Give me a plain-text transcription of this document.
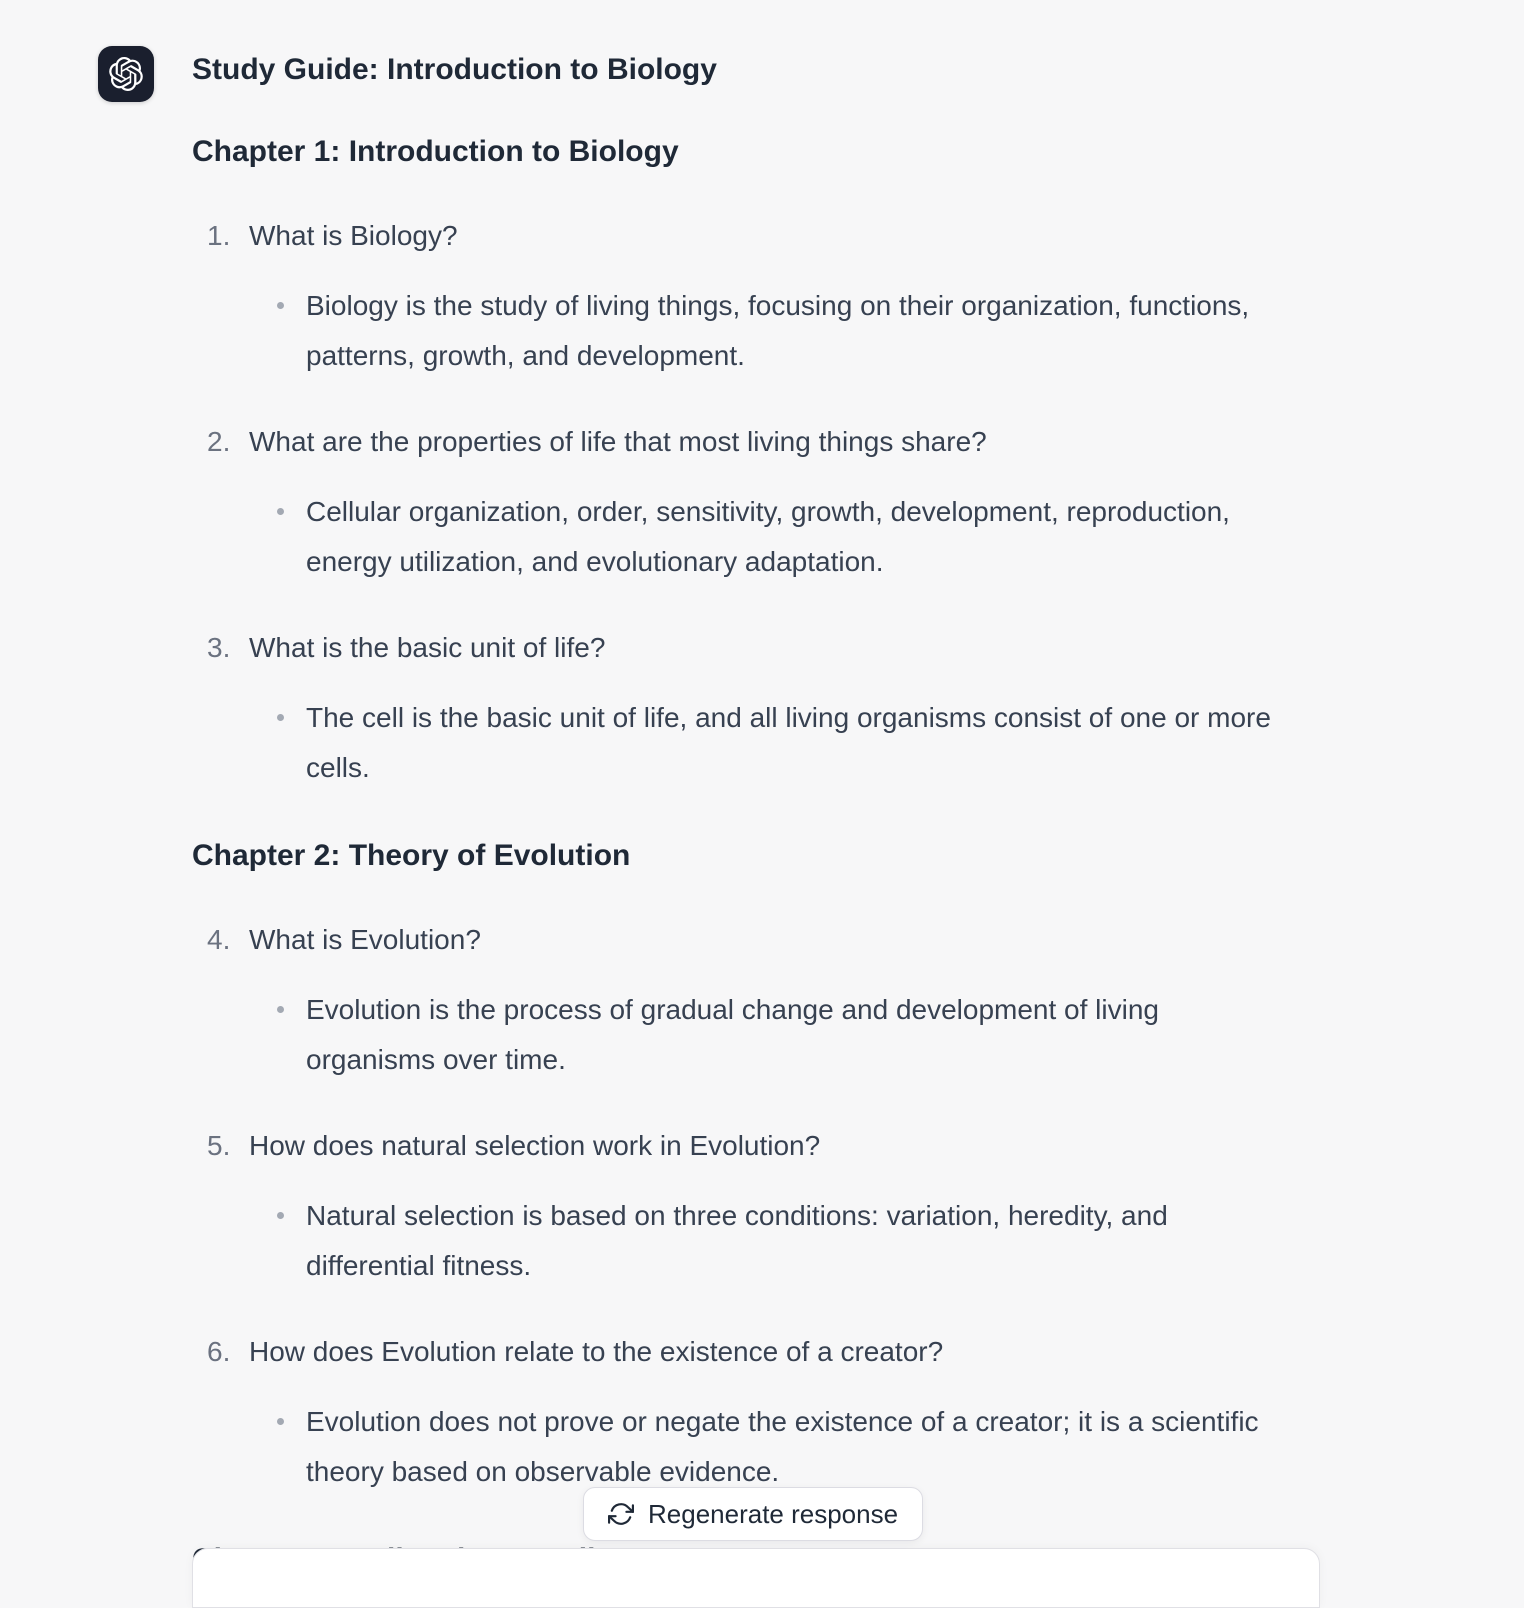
Study Guide: Introduction to Biology
Chapter 1: Introduction to Biology
1. What is Biology?
Biology is the study of living things, focusing on their organization, functions,
patterns, growth, and development.
2. What are the properties of life that most living things share?
Cellular organization, order, sensitivity, growth, development, reproduction,
energy utilization, and evolutionary adaptation.
3. What is the basic unit of life?
The cell is the basic unit of life, and all living organisms consist of one or more
cells.
Chapter 2: Theory of Evolution
4. What is Evolution?
Evolution is the process of gradual change and development of living
organisms over time.
5. How does natural selection work in Evolution?
Natural selection is based on three conditions: variation, heredity, and
differential fitness.
6. How does Evolution relate to the existence of a creator?
Evolution does not prove or negate the existence of a creator; it is a scientific
theory based on observable evidence.
Regenerate response
